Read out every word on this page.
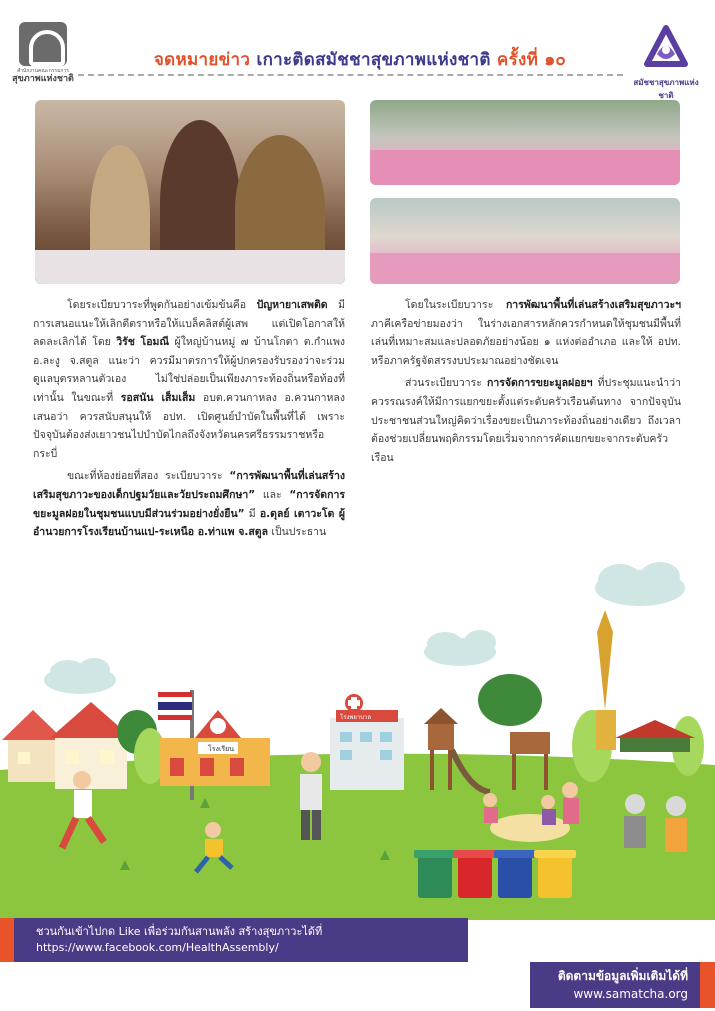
สำนักงานคณะกรรมการ
สุขภาพแห่งชาติ
จดหมายข่าว เกาะติดสมัชชาสุขภาพแห่งชาติ ครั้งที่ ๑๐
สมัชชาสุขภาพแห่งชาติ

โดยระเบียบวาระที่พูดกันอย่างเข้มข้นคือ ปัญหายาเสพติด มีการเสนอแนะให้เลิกตีตราหรือให้แบล็คลิสต์ผู้เสพ แต่เปิดโอกาสให้ลดละเลิกได้ โดย วิรัช โอมณี ผู้ใหญ่บ้านหมู่ ๗ บ้านโกตา ต.กำแพง อ.ละงู จ.สตูล แนะว่า ควรมีมาตรการให้ผู้ปกครองรับรองว่าจะร่วมดูแลบุตรหลานตัวเอง ไม่ใช่ปล่อยเป็นเพียงภาระท้องถิ่นหรือท้องที่เท่านั้น ในขณะที่ รอสนัน เส็มเส็ม อบต.ควนกาหลง อ.ควนกาหลง เสนอว่า ควรสนับสนุนให้ อปท. เปิดศูนย์บำบัดในพื้นที่ได้ เพราะปัจจุบันต้องส่งเยาวชนไปบำบัดไกลถึงจังหวัดนครศรีธรรมราชหรือกระบี่

ขณะที่ห้องย่อยที่สอง ระเบียบวาระ “การพัฒนาพื้นที่เล่นสร้างเสริมสุขภาวะของเด็กปฐมวัยและวัยประถมศึกษา” และ “การจัดการขยะมูลฝอยในชุมชนแบบมีส่วนร่วมอย่างยั่งยืน” มี อ.ดุลย์ เตาวะโต ผู้อำนวยการโรงเรียนบ้านแป-ระเหนือ อ.ท่าแพ จ.สตูล เป็นประธาน

โดยในระเบียบวาระ การพัฒนาพื้นที่เล่นสร้างเสริมสุขภาวะฯ ภาคีเครือข่ายมองว่า ในร่างเอกสารหลักควรกำหนดให้ชุมชนมีพื้นที่เล่นที่เหมาะสมและปลอดภัยอย่างน้อย ๑ แห่งต่ออำเภอ และให้ อปท. หรือภาครัฐจัดสรรงบประมาณอย่างชัดเจน

ส่วนระเบียบวาระ การจัดการขยะมูลฝอยฯ ที่ประชุมแนะนำว่า ควรรณรงค์ให้มีการแยกขยะตั้งแต่ระดับครัวเรือนต้นทาง จากปัจจุบันประชาชนส่วนใหญ่คิดว่าเรื่องขยะเป็นภาระท้องถิ่นอย่างเดียว ถึงเวลาต้องช่วยเปลี่ยนพฤติกรรมโดยเริ่มจากการคัดแยกขยะจากระดับครัวเรือน

โรงเรียน
โรงพยาบาล
ชวนกันเข้าไปกด Like เพื่อร่วมกันสานพลัง สร้างสุขภาวะได้ที่
https://www.facebook.com/HealthAssembly/
ติดตามข้อมูลเพิ่มเติมได้ที่
www.samatcha.org
